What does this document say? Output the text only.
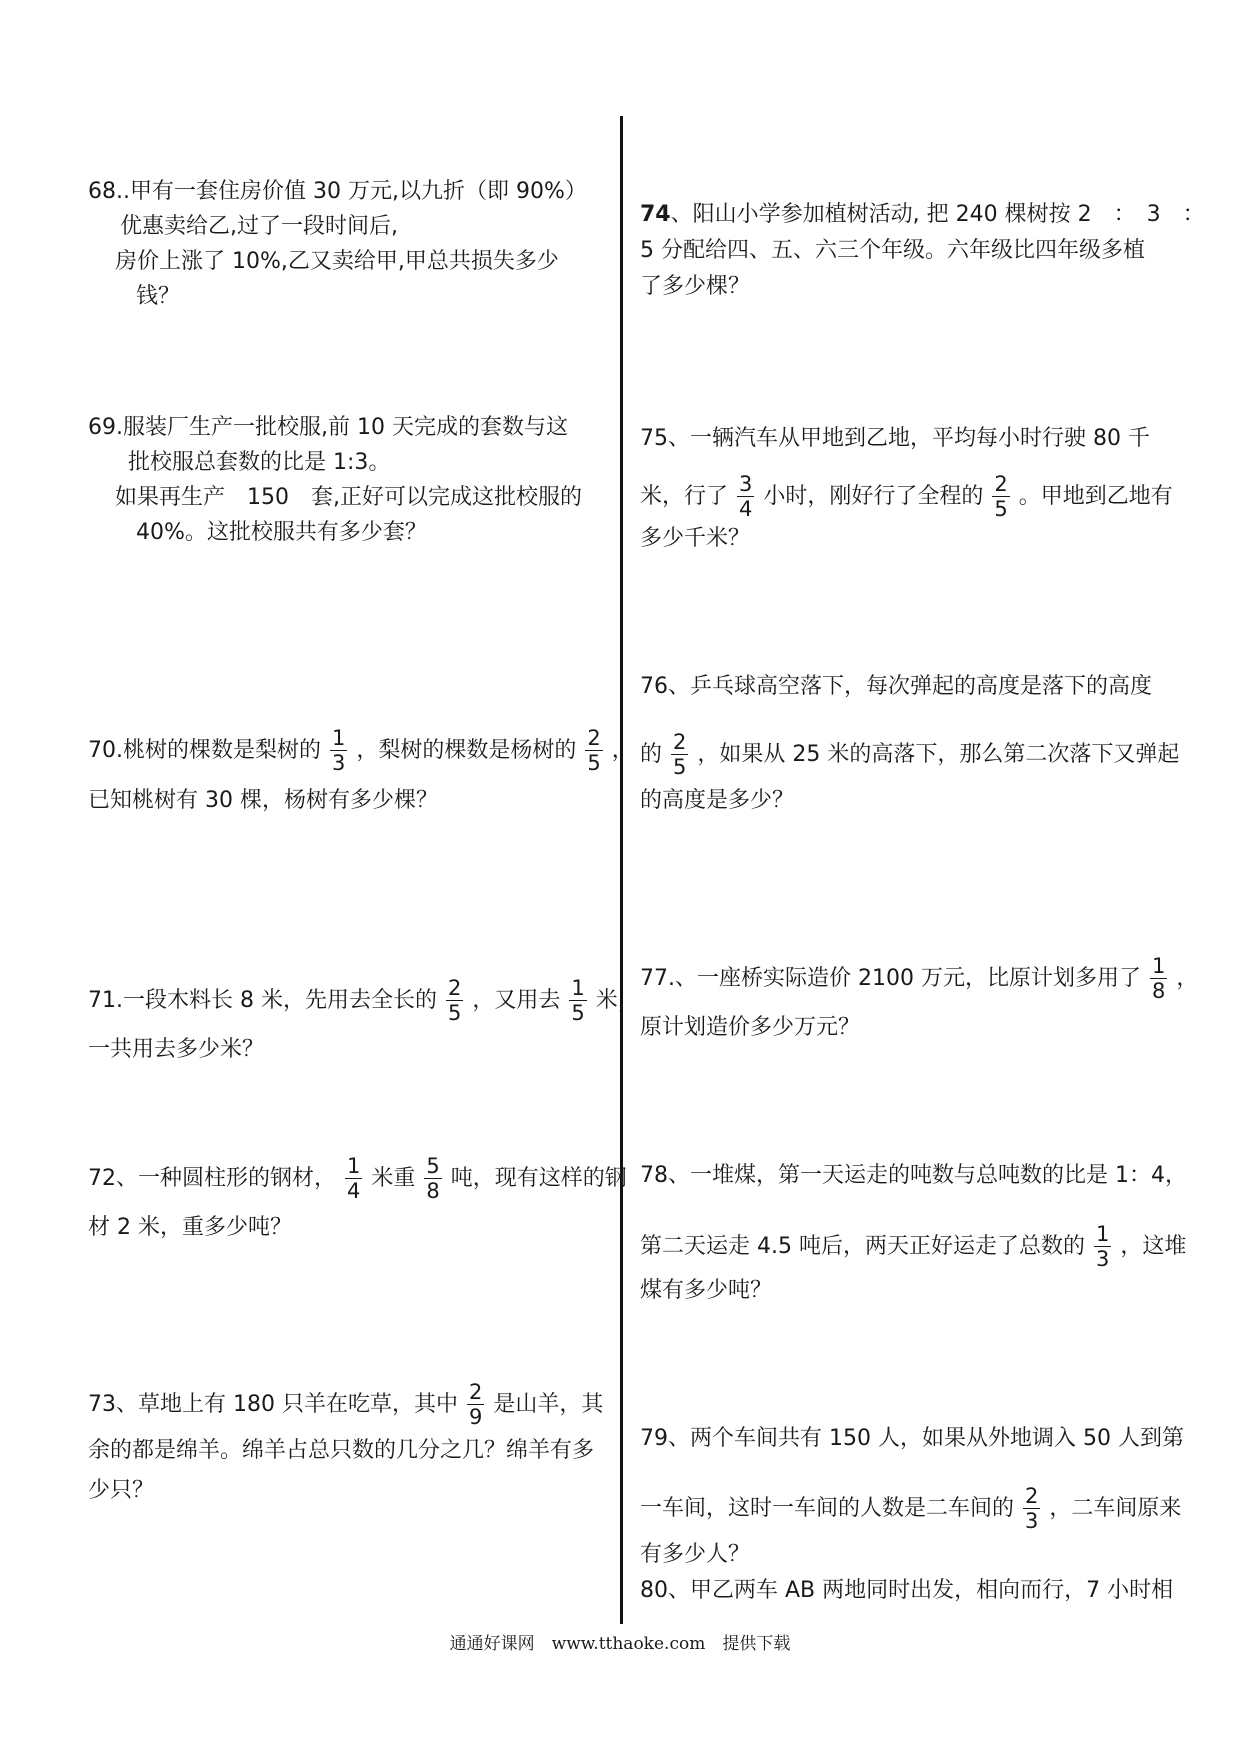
68..甲有一套住房价值 30 万元,以九折（即 90%）
优惠卖给乙,过了一段时间后,
房价上涨了 10%,乙又卖给甲,甲总共损失多少
钱？
69.服装厂生产一批校服,前 10 天完成的套数与这
批校服总套数的比是 1:3。
如果再生产　150　套,正好可以完成这批校服的
40%。这批校服共有多少套？
70.桃树的棵数是梨树的 $\frac{1}{3}$ ，梨树的棵数是杨树的 $\frac{2}{5}$ ，
已知桃树有 30 棵，杨树有多少棵？
71.一段木料长 8 米，先用去全长的 $\frac{2}{5}$ ，又用去 $\frac{1}{5}$ 米，
一共用去多少米？
72、一种圆柱形的钢材， $\frac{1}{4}$ 米重 $\frac{5}{8}$ 吨，现有这样的钢
材 2 米，重多少吨？
73、草地上有 180 只羊在吃草，其中 $\frac{2}{9}$ 是山羊，其
余的都是绵羊。绵羊占总只数的几分之几？绵羊有多
少只？
74、阳山小学参加植树活动, 把 240 棵树按 2　：　3　：
5 分配给四、五、六三个年级。六年级比四年级多植
了多少棵？
75、一辆汽车从甲地到乙地，平均每小时行驶 80 千
米，行了 $\frac{3}{4}$ 小时，刚好行了全程的 $\frac{2}{5}$ 。甲地到乙地有
多少千米？
76、乒乓球高空落下，每次弹起的高度是落下的高度
的 $\frac{2}{5}$ ，如果从 25 米的高落下，那么第二次落下又弹起
的高度是多少？
77.、一座桥实际造价 2100 万元，比原计划多用了 $\frac{1}{8}$ ，
原计划造价多少万元？
78、一堆煤，第一天运走的吨数与总吨数的比是 1：4，
第二天运走 4.5 吨后，两天正好运走了总数的 $\frac{1}{3}$ ，这堆
煤有多少吨？
79、两个车间共有 150 人，如果从外地调入 50 人到第
一车间，这时一车间的人数是二车间的 $\frac{2}{3}$ ，二车间原来
有多少人？
80、甲乙两车 AB 两地同时出发，相向而行，7 小时相
通通好课网　www.tthaoke.com　提供下载
